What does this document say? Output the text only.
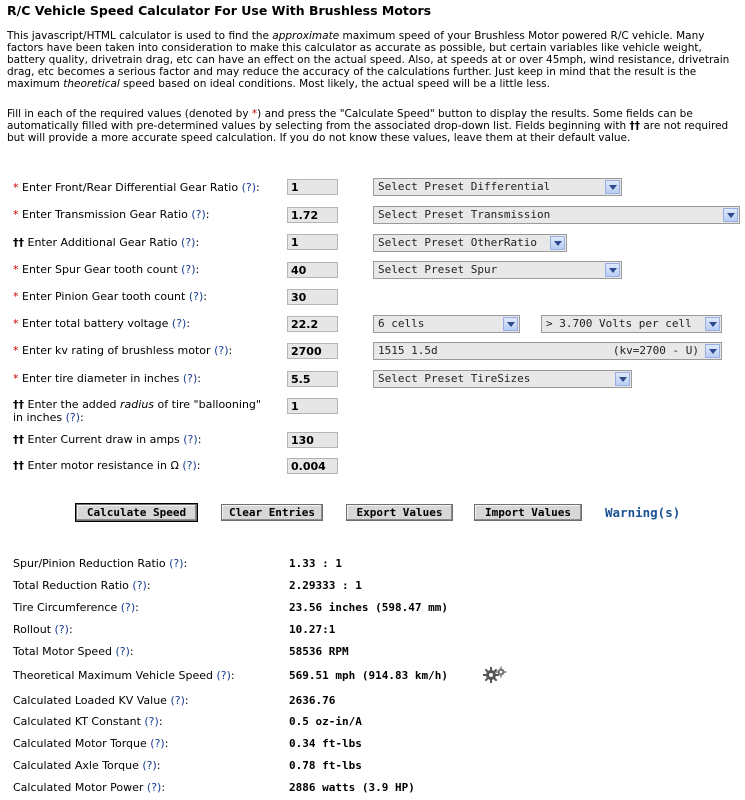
R/C Vehicle Speed Calculator For Use With Brushless Motors

This javascript/HTML calculator is used to find the approximate maximum speed of your Brushless Motor powered R/C vehicle. Many factors have been taken into consideration to make this calculator as accurate as possible, but certain variables like vehicle weight, battery quality, drivetrain drag, etc can have an effect on the actual speed. Also, at speeds at or over 45mph, wind resistance, drivetrain drag, etc becomes a serious factor and may reduce the accuracy of the calculations further. Just keep in mind that the result is the maximum theoretical speed based on ideal conditions. Most likely, the actual speed will be a little less.

Fill in each of the required values (denoted by *) and press the "Calculate Speed" button to display the results. Some fields can be automatically filled with pre-determined values by selecting from the associated drop-down list. Fields beginning with †† are not required but will provide a more accurate speed calculation. If you do not know these values, leave them at their default value.

* Enter Front/Rear Differential Gear Ratio (?):
1	Select Preset Differential
* Enter Transmission Gear Ratio (?):
1.72	Select Preset Transmission
†† Enter Additional Gear Ratio (?):
1	Select Preset OtherRatio
* Enter Spur Gear tooth count (?):
40	Select Preset Spur
* Enter Pinion Gear tooth count (?):
30
* Enter total battery voltage (?):
22.2	6 cells	> 3.700 Volts per cell
* Enter kv rating of brushless motor (?):
2700	1515 1.5d	(kv=2700 - U)
* Enter tire diameter in inches (?):
5.5	Select Preset TireSizes
†† Enter the added radius of tire "ballooning" in inches (?):
1
†† Enter Current draw in amps (?):
130
†† Enter motor resistance in Ω (?):
0.004
Calculate Speed	Clear Entries	Export Values	Import Values	Warning(s)
Spur/Pinion Reduction Ratio (?):	1.33 : 1
Total Reduction Ratio (?):	2.29333 : 1
Tire Circumference (?):	23.56 inches (598.47 mm)
Rollout (?):	10.27:1
Total Motor Speed (?):	58536 RPM
Theoretical Maximum Vehicle Speed (?):	569.51 mph (914.83 km/h)
Calculated Loaded KV Value (?):	2636.76
Calculated KT Constant (?):	0.5 oz-in/A
Calculated Motor Torque (?):	0.34 ft-lbs
Calculated Axle Torque (?):	0.78 ft-lbs
Calculated Motor Power (?):	2886 watts (3.9 HP)
